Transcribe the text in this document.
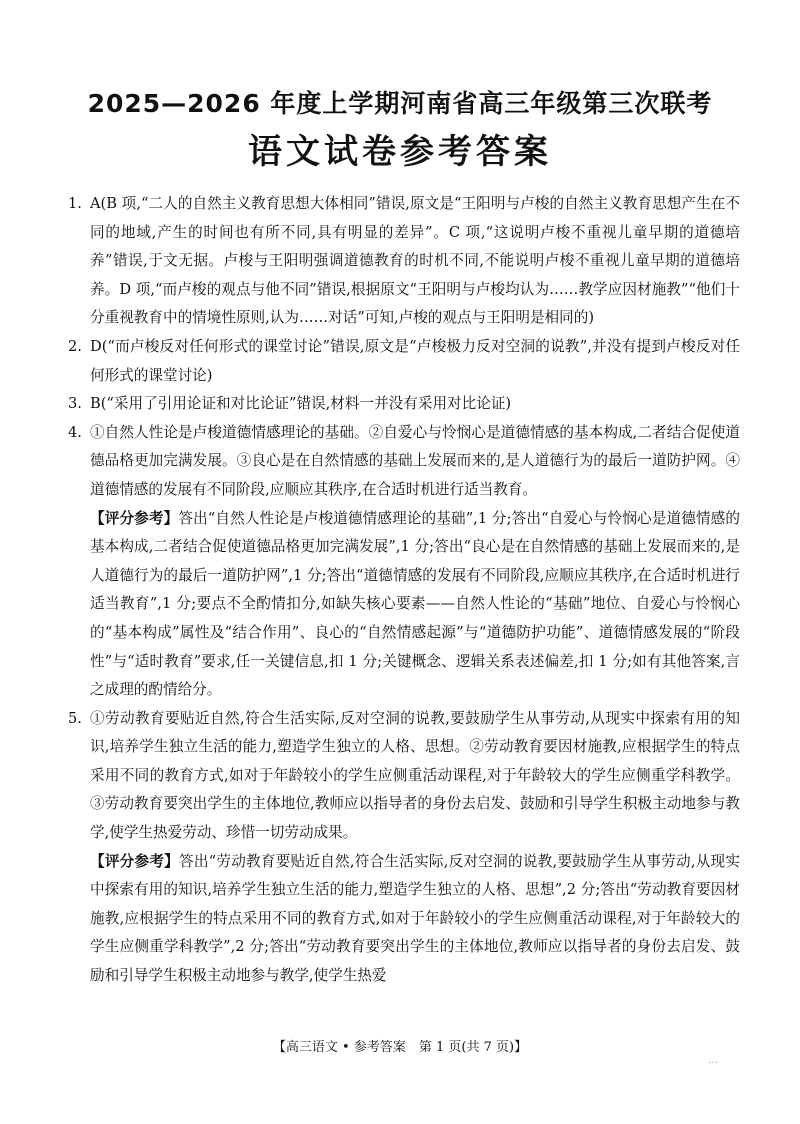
2025—2026 年度上学期河南省高三年级第三次联考
语文试卷参考答案
1. A(B 项,“二人的自然主义教育思想大体相同”错误,原文是“王阳明与卢梭的自然主义教育思想产生在不同的地域,产生的时间也有所不同,具有明显的差异”。C 项,“这说明卢梭不重视儿童早期的道德培养”错误,于文无据。卢梭与王阳明强调道德教育的时机不同,不能说明卢梭不重视儿童早期的道德培养。D 项,“而卢梭的观点与他不同”错误,根据原文“王阳明与卢梭均认为……教学应因材施教”“他们十分重视教育中的情境性原则,认为……对话”可知,卢梭的观点与王阳明是相同的)
2. D(“而卢梭反对任何形式的课堂讨论”错误,原文是“卢梭极力反对空洞的说教”,并没有提到卢梭反对任何形式的课堂讨论)
3. B(“采用了引用论证和对比论证”错误,材料一并没有采用对比论证)
4. ①自然人性论是卢梭道德情感理论的基础。②自爱心与怜悯心是道德情感的基本构成,二者结合促使道德品格更加完满发展。③良心是在自然情感的基础上发展而来的,是人道德行为的最后一道防护网。④道德情感的发展有不同阶段,应顺应其秩序,在合适时机进行适当教育。
【评分参考】答出“自然人性论是卢梭道德情感理论的基础”,1 分;答出“自爱心与怜悯心是道德情感的基本构成,二者结合促使道德品格更加完满发展”,1 分;答出“良心是在自然情感的基础上发展而来的,是人道德行为的最后一道防护网”,1 分;答出“道德情感的发展有不同阶段,应顺应其秩序,在合适时机进行适当教育”,1 分;要点不全酌情扣分,如缺失核心要素——自然人性论的“基础”地位、自爱心与怜悯心的“基本构成”属性及“结合作用”、良心的“自然情感起源”与“道德防护功能”、道德情感发展的“阶段性”与“适时教育”要求,任一关键信息,扣 1 分;关键概念、逻辑关系表述偏差,扣 1 分;如有其他答案,言之成理的酌情给分。
5. ①劳动教育要贴近自然,符合生活实际,反对空洞的说教,要鼓励学生从事劳动,从现实中探索有用的知识,培养学生独立生活的能力,塑造学生独立的人格、思想。②劳动教育要因材施教,应根据学生的特点采用不同的教育方式,如对于年龄较小的学生应侧重活动课程,对于年龄较大的学生应侧重学科教学。③劳动教育要突出学生的主体地位,教师应以指导者的身份去启发、鼓励和引导学生积极主动地参与教学,使学生热爱劳动、珍惜一切劳动成果。
【评分参考】答出“劳动教育要贴近自然,符合生活实际,反对空洞的说教,要鼓励学生从事劳动,从现实中探索有用的知识,培养学生独立生活的能力,塑造学生独立的人格、思想”,2 分;答出“劳动教育要因材施教,应根据学生的特点采用不同的教育方式,如对于年龄较小的学生应侧重活动课程,对于年龄较大的学生应侧重学科教学”,2 分;答出“劳动教育要突出学生的主体地位,教师应以指导者的身份去启发、鼓励和引导学生积极主动地参与教学,使学生热爱
【高三语文 • 参考答案　第 1 页(共 7 页)】
…
